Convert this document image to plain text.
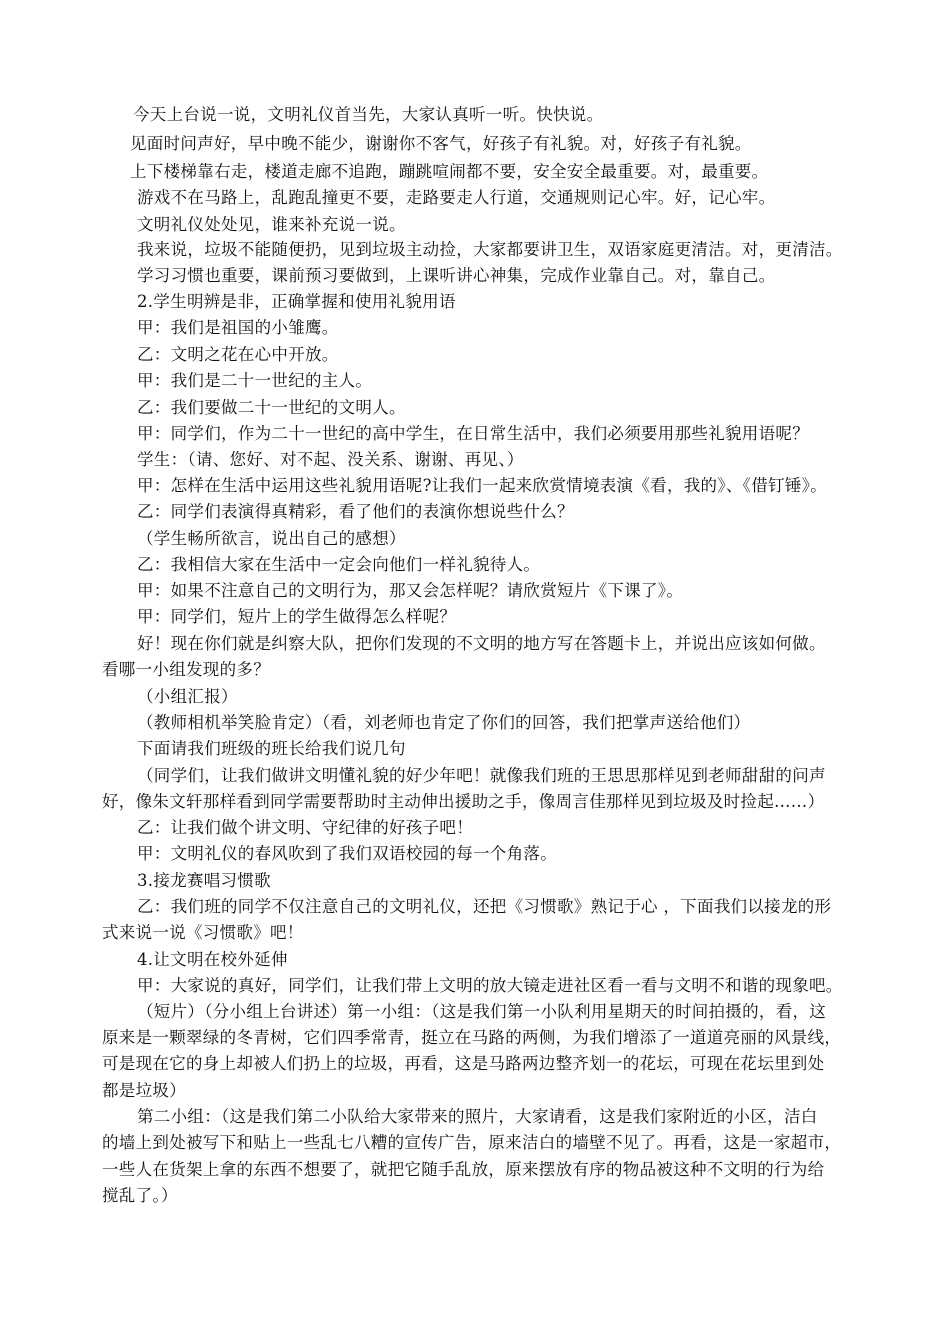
今天上台说一说，文明礼仪首当先，大家认真听一听。快快说。
见面时问声好，早中晚不能少，谢谢你不客气，好孩子有礼貌。对，好孩子有礼貌。
上下楼梯靠右走，楼道走廊不追跑，蹦跳喧闹都不要，安全安全最重要。对，最重要。
游戏不在马路上，乱跑乱撞更不要，走路要走人行道，交通规则记心牢。好，记心牢。
文明礼仪处处见，谁来补充说一说。
我来说，垃圾不能随便扔，见到垃圾主动捡，大家都要讲卫生，双语家庭更清洁。对，更清洁。
学习习惯也重要，课前预习要做到，上课听讲心神集，完成作业靠自己。对，靠自己。
2.学生明辨是非，正确掌握和使用礼貌用语
甲：我们是祖国的小雏鹰。
乙：文明之花在心中开放。
甲：我们是二十一世纪的主人。
乙：我们要做二十一世纪的文明人。
甲：同学们，作为二十一世纪的高中学生，在日常生活中，我们必须要用那些礼貌用语呢？
学生：（请、您好、对不起、没关系、谢谢、再见、）
甲：怎样在生活中运用这些礼貌用语呢?让我们一起来欣赏情境表演《看，我的》、《借钉锤》。
乙：同学们表演得真精彩，看了他们的表演你想说些什么？
（学生畅所欲言，说出自己的感想）
乙：我相信大家在生活中一定会向他们一样礼貌待人。
甲：如果不注意自己的文明行为，那又会怎样呢？请欣赏短片《下课了》。
甲：同学们，短片上的学生做得怎么样呢？
好！现在你们就是纠察大队，把你们发现的不文明的地方写在答题卡上，并说出应该如何做。
看哪一小组发现的多？
（小组汇报）
（教师相机举笑脸肯定）（看，刘老师也肯定了你们的回答，我们把掌声送给他们）
下面请我们班级的班长给我们说几句
（同学们，让我们做讲文明懂礼貌的好少年吧！就像我们班的王思思那样见到老师甜甜的问声
好，像朱文轩那样看到同学需要帮助时主动伸出援助之手，像周言佳那样见到垃圾及时捡起……）
乙：让我们做个讲文明、守纪律的好孩子吧！
甲：文明礼仪的春风吹到了我们双语校园的每一个角落。
3.接龙赛唱习惯歌
乙：我们班的同学不仅注意自己的文明礼仪，还把《习惯歌》熟记于心 ，下面我们以接龙的形
式来说一说《习惯歌》吧！
4.让文明在校外延伸
甲：大家说的真好，同学们，让我们带上文明的放大镜走进社区看一看与文明不和谐的现象吧。
（短片）（分小组上台讲述）第一小组：（这是我们第一小队利用星期天的时间拍摄的，看，这
原来是一颗翠绿的冬青树，它们四季常青，挺立在马路的两侧，为我们增添了一道道亮丽的风景线，
可是现在它的身上却被人们扔上的垃圾，再看，这是马路两边整齐划一的花坛，可现在花坛里到处
都是垃圾）
第二小组：（这是我们第二小队给大家带来的照片，大家请看，这是我们家附近的小区，洁白
的墙上到处被写下和贴上一些乱七八糟的宣传广告，原来洁白的墙壁不见了。再看，这是一家超市，
一些人在货架上拿的东西不想要了，就把它随手乱放，原来摆放有序的物品被这种不文明的行为给
搅乱了。）
